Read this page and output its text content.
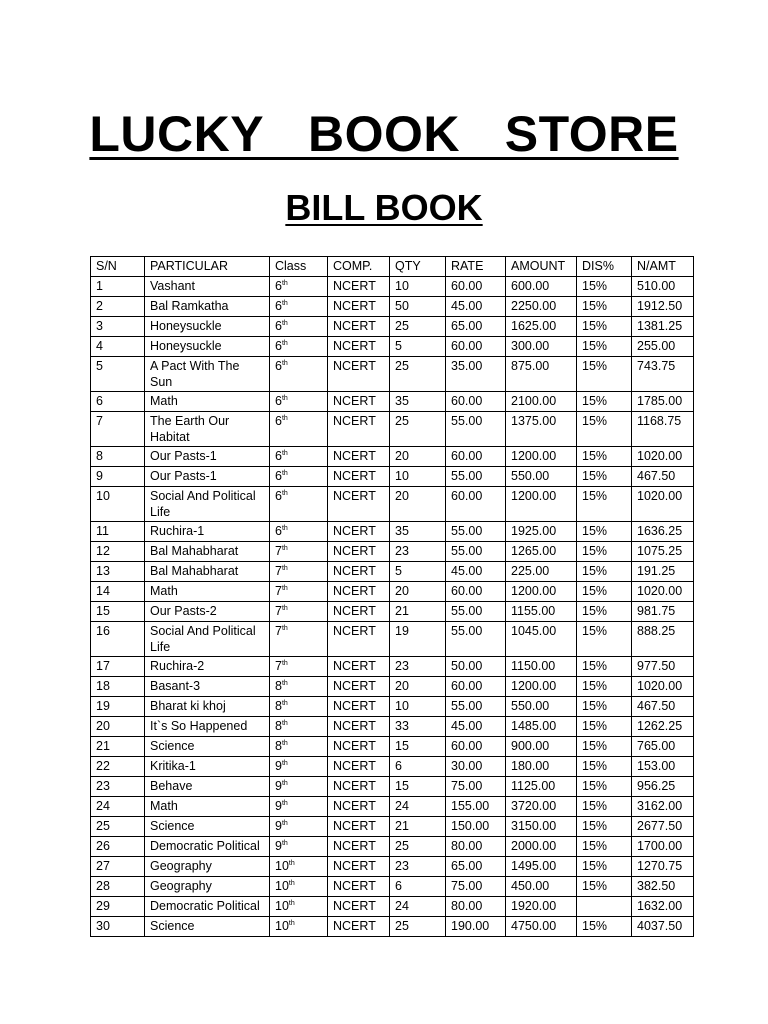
LUCKY  BOOK  STORE
BILL BOOK
S/N	PARTICULAR	Class	COMP.	QTY	RATE	AMOUNT	DIS%	N/AMT
1	Vashant	6th	NCERT	10	60.00	600.00	15%	510.00
2	Bal Ramkatha	6th	NCERT	50	45.00	2250.00	15%	1912.50
3	Honeysuckle	6th	NCERT	25	65.00	1625.00	15%	1381.25
4	Honeysuckle	6th	NCERT	5	60.00	300.00	15%	255.00
5	A Pact With The Sun	6th	NCERT	25	35.00	875.00	15%	743.75
6	Math	6th	NCERT	35	60.00	2100.00	15%	1785.00
7	The Earth Our Habitat	6th	NCERT	25	55.00	1375.00	15%	1168.75
8	Our Pasts-1	6th	NCERT	20	60.00	1200.00	15%	1020.00
9	Our Pasts-1	6th	NCERT	10	55.00	550.00	15%	467.50
10	Social And Political Life	6th	NCERT	20	60.00	1200.00	15%	1020.00
11	Ruchira-1	6th	NCERT	35	55.00	1925.00	15%	1636.25
12	Bal Mahabharat	7th	NCERT	23	55.00	1265.00	15%	1075.25
13	Bal Mahabharat	7th	NCERT	5	45.00	225.00	15%	191.25
14	Math	7th	NCERT	20	60.00	1200.00	15%	1020.00
15	Our Pasts-2	7th	NCERT	21	55.00	1155.00	15%	981.75
16	Social And Political Life	7th	NCERT	19	55.00	1045.00	15%	888.25
17	Ruchira-2	7th	NCERT	23	50.00	1150.00	15%	977.50
18	Basant-3	8th	NCERT	20	60.00	1200.00	15%	1020.00
19	Bharat ki khoj	8th	NCERT	10	55.00	550.00	15%	467.50
20	It`s So Happened	8th	NCERT	33	45.00	1485.00	15%	1262.25
21	Science	8th	NCERT	15	60.00	900.00	15%	765.00
22	Kritika-1	9th	NCERT	6	30.00	180.00	15%	153.00
23	Behave	9th	NCERT	15	75.00	1125.00	15%	956.25
24	Math	9th	NCERT	24	155.00	3720.00	15%	3162.00
25	Science	9th	NCERT	21	150.00	3150.00	15%	2677.50
26	Democratic Political	9th	NCERT	25	80.00	2000.00	15%	1700.00
27	Geography	10th	NCERT	23	65.00	1495.00	15%	1270.75
28	Geography	10th	NCERT	6	75.00	450.00	15%	382.50
29	Democratic Political	10th	NCERT	24	80.00	1920.00		1632.00
30	Science	10th	NCERT	25	190.00	4750.00	15%	4037.50
